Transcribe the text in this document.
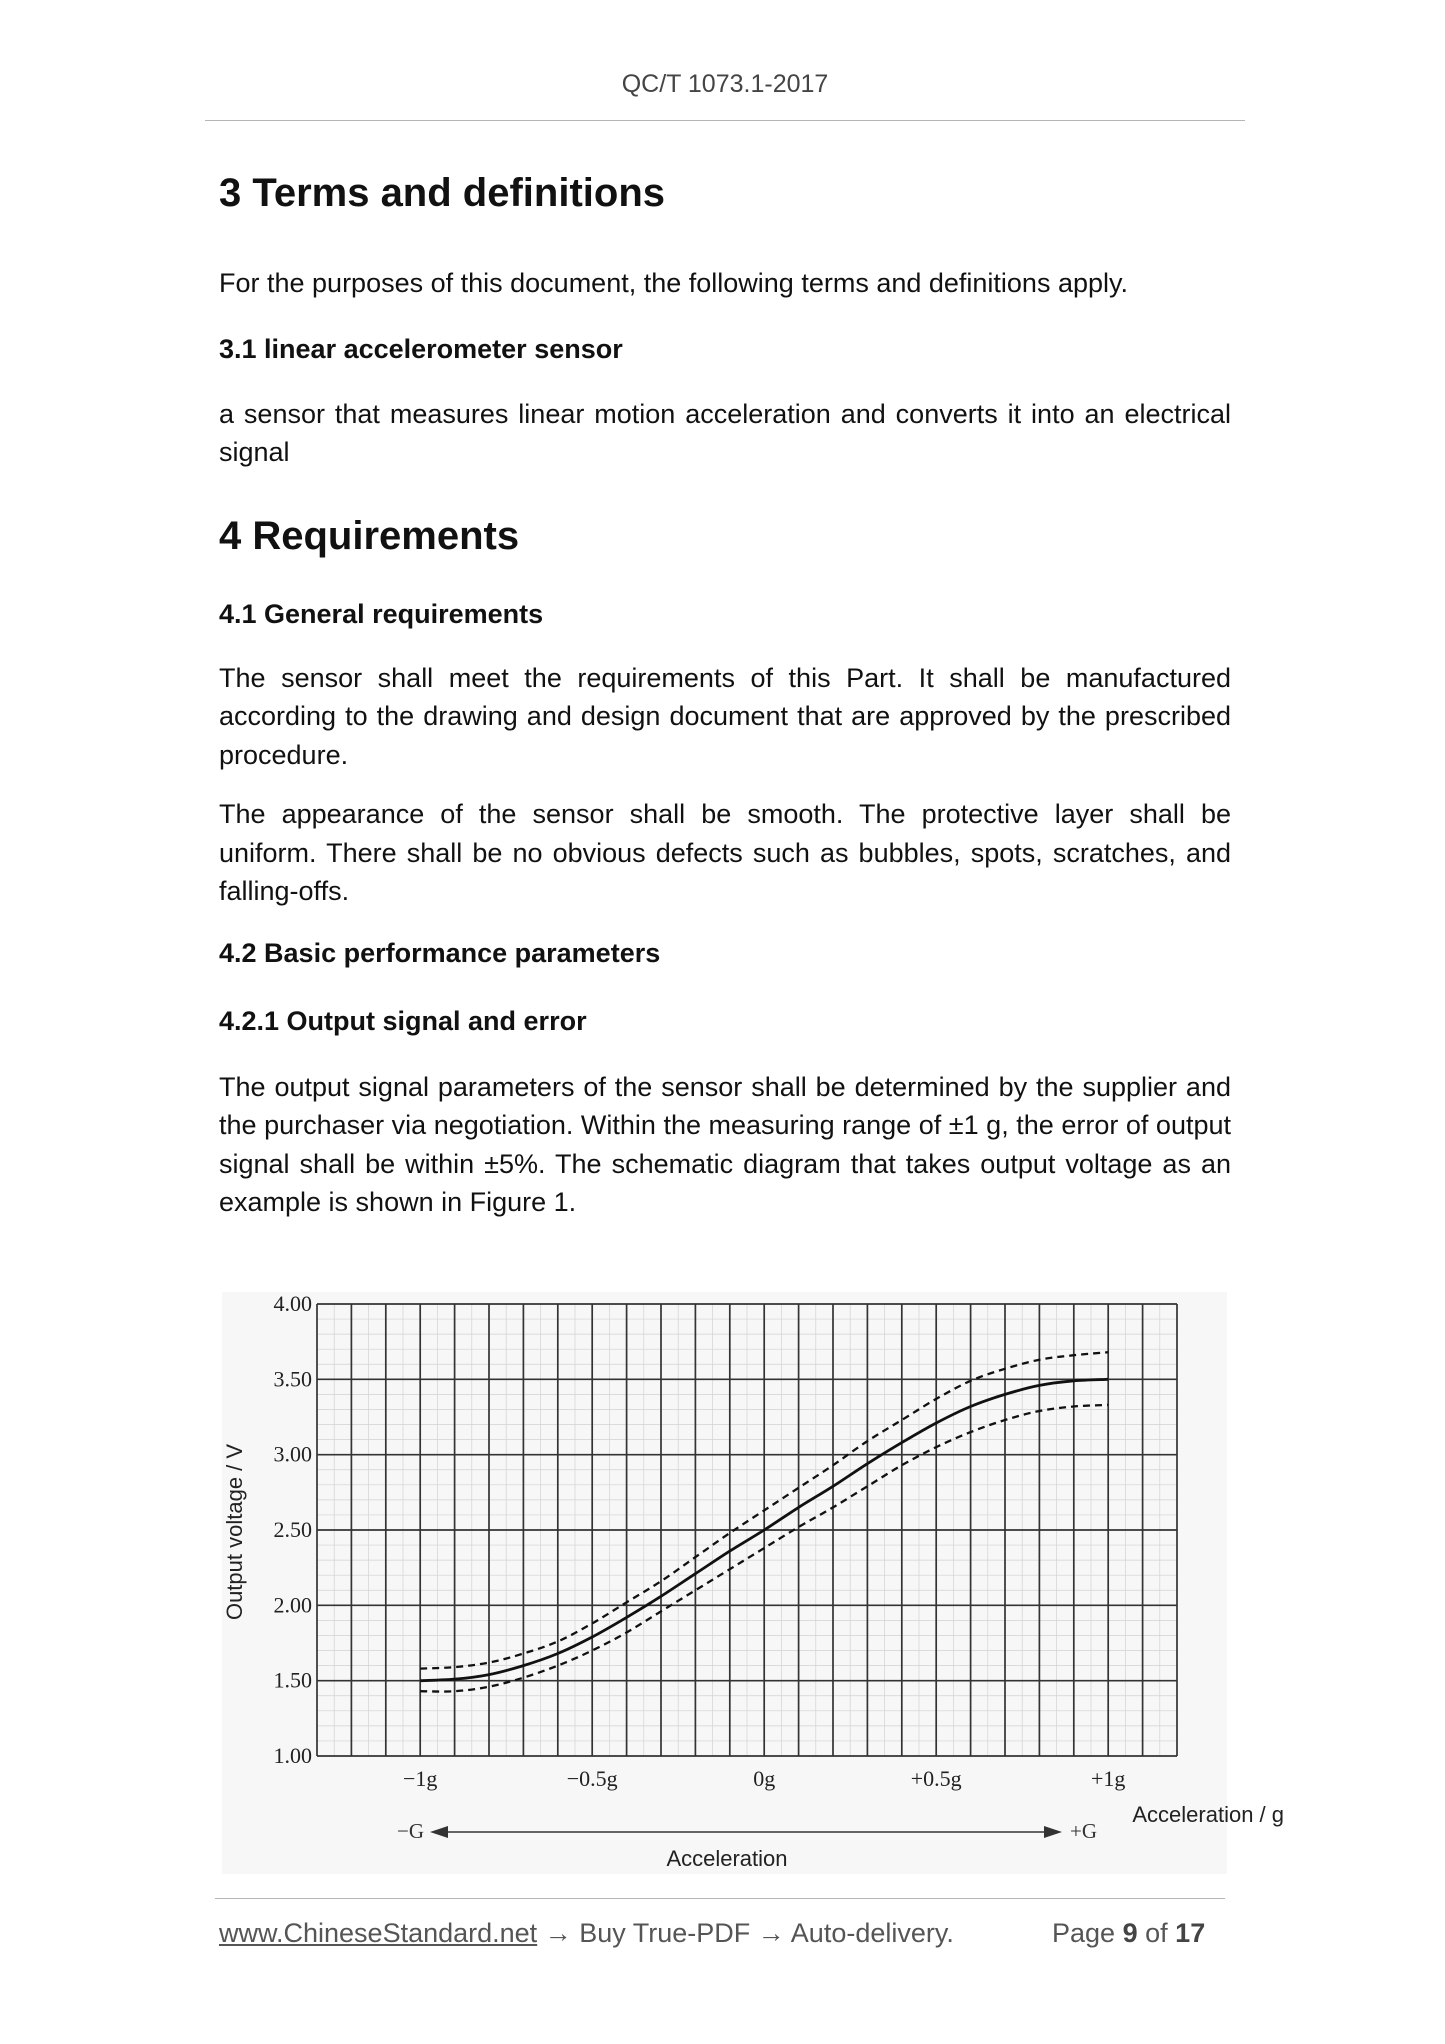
QC/T 1073.1-2017
3 Terms and definitions

For the purposes of this document, the following terms and definitions apply.

3.1 linear accelerometer sensor

a sensor that measures linear motion acceleration and converts it into an electrical signal

4 Requirements
4.1 General requirements

The sensor shall meet the requirements of this Part. It shall be manufactured according to the drawing and design document that are approved by the prescribed procedure.

The appearance of the sensor shall be smooth. The protective layer shall be uniform. There shall be no obvious defects such as bubbles, spots, scratches, and falling-offs.

4.2 Basic performance parameters
4.2.1 Output signal and error

The output signal parameters of the sensor shall be determined by the supplier and the purchaser via negotiation. Within the measuring range of ±1 g, the error of output signal shall be within ±5%. The schematic diagram that takes output voltage as an example is shown in Figure 1.

4.00
3.50
3.00
2.50
2.00
1.50
1.00
−1g	−0.5g	0g	+0.5g	+1g
Output voltage / V
Acceleration / g
Acceleration
−G	+G
www.ChineseStandard.net → Buy True-PDF → Auto-delivery.	Page 9 of 17
